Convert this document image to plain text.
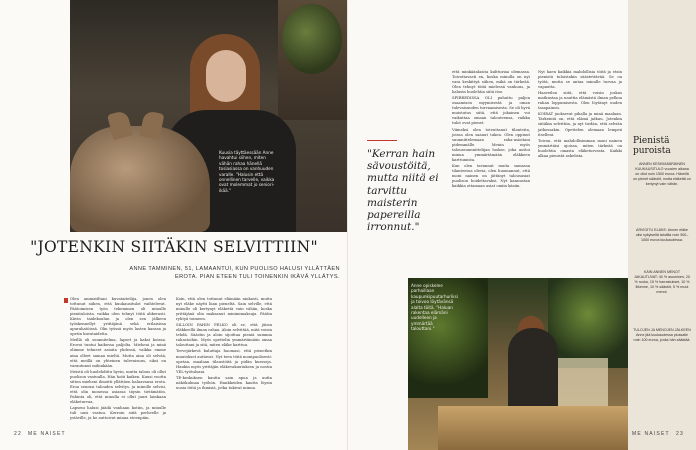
Kuusia täyttäessään Anne havahtui siihen, miten vähän rahaa hänellä tosiasiassa on vanhuuden varalle. "Halusin että onnellinen tarvelle, vaikka ovat molemmat jo seniori-ikää."
"JOTENKIN SIITÄKIN SELVITTIIN"
ANNE TAMMINEN, 51, LAMAANTUI, KUN PUOLISO HALUSI YLLÄTTÄEN
EROTA. PIAN ETEEN TULI TOINENKIN IKÄVÄ YLLÄTYS.

Olen ammatiltani kuvataiteilija, jonen olen tottunut siihen, että kuukausitulot vaihtelevat. Päätoimisen työn tekeminen oli minulle pienituloista, vaikka olen tehnyt töitä ahkerasti. Kävin taidekoulun ja olen sen jälkeen työskennellyt yrittäjänä sekä erilaisissa apurahatöissä. Olin työssä myös lasten kanssa ja opetin kuvataidetta.

Meillä oli suunnitelma, lapset ja kaksi koiraa. Erovoi tuntui kaikessa paljolta. Mieheni ja minä olimme tehneet asioita yhdessä, vaikka emme aina olleet samaa mieltä. Mutta aina oli selvää, että meillä on yhteinen tulevaisuus, siksi en varautunut mihinkään.

Meistä oli huolehdittu hyvin, mutta talous oli ollut puolison vastuulla. Hän hoiti kaiken. Kuusi vuotta sitten mieheni ilmoitti yllättäen haluavansa erota. Eroa seurasi talouden selvitys, ja minulle selvisi, että olin monessa asiassa täysin tietämätön. Pahinta oli, että minulla ei ollut juuri lainkaan eläketurvaa.

Lapseni halusi jäädä vanhaan kotiin, ja minulle tuli uusi vastuu. Kerroin siitä perheelle ja ystäville, ja he auttoivat minua eteenpäin.

Koin, että olen tottunut elämään niukasti, mutta nyt eläke näytti liian pieneltä. Sain selville, että minulle oli kertynyt eläkettä vain vähän, koska yrittäjänä olin maksanut minimimaksuja. Päätin ryhtyä toimeen.

SILLOIN PAHIN PELKO oli se, että jäisin eläkkeellä ilman rahaa. Aloin selvittää, mitä voisin tehdä. Säästin ja aloin sijoittaa pieniä summia rahastoihin. Myös opettelin ymmärtämään omaa talouttani ja sitä, miten eläke karttuu.

Tervejärkevä kuluttaja huomasi, että pienetkin muutokset auttavat. Nyt teen töitä monipuolisesti: opetan, maalaan tilaustöitä ja pidän kursseja. Hankin myös yrittäjän eläkevakuutuksen ja nostin YEL-työtuloani.

TE-keskuksen kautta sain apua ja uutta näkökulmaa työhön. Hankkeiden kautta löysin uusia töitä ja ihmisiä, jotka tukivat minua.

22 ME NAISET

että minkäänlaista kultturiaa olemassa. Toivottavasti en, koska minulla on nyt vara keskittyä siihen, mikä on tärkeää. Olen tehnyt töitä mielessä vanhuus, ja halusin huolehtia siitä itse.

SPIRREDISSA OLI puhuttu paljon osaamisen myymisestä ja oman tulevaisuuden turvaamisesta. Se oli hyvä muistutus siitä, että jokainen voi vaikuttaa omaan talouteensa, vaikka tulot ovat pienet.

Viimeksi olen toteuttanut tilanteita, joissa olen saanut tukea. Olen oppinut suunnittelemaan raha-asioitani pidemmälle. Menin myös taloussuunnittelijan luokse, joka auttoi minua ymmärtämään eläkkeen karttumista.

Kun olen tavannut muita samassa tilanteessa olevia, olen huomannut, että moni nainen on jättänyt talousasiat puolison hoidettavaksi. Nyt kannustan kaikkia ottamaan asiat omiin käsiin.

Nyt haen kaikkia mahdollisia töitä ja etsin pienistä tuloistakin säästettävää. Se on työtä, mutta se antaa minulle turvaa ja vapautta.

Haaveilen siitä, että voisin joskus matkustaa ja nauttia elämästä ilman pelkoa rahan loppumisesta. Olen löytänyt uuden tasapainon.

KOIRAT juoksevat pihalla ja minä maalaan. Tärkeintä on, että elämä jatkuu. Jotenkin siitäkin selvittiin, ja nyt tiedän, että selviän jatkossakin. Opettelen olemaan lempeä itselleni.

Toivon, että mahdollisimman moni nainen ymmärtäisi ajoissa, miten tärkeää on huolehtia omasta eläketurvasta. Kaikki alkaa pienistä askelista.

"Kerran hain sävoustöitä, mutta niitä ei tarvittu maisterin papereilla irronnut."
Anne opiskelee parhaillaan kaupunkipuutarhuriksi ja toivoo löytävänsä alalta töitä. "Haluan rakentaa elämäni uudelleen ja ymmärtää talouttani."
Pienistä puroista
ANNEN KESKIMÄÄRÄINEN KUUKAUSITULO vuosien aikana on ollut noin 1500 euroa. Hänellä on pienet säästöt, mutta eläkettä on kertynyt vain vähän.
ARVIOITU ELÄKE: Annen eläke olisi nykyisellä tahdilla noin 900–1000 euroa kuukaudessa.
KÄIN ANNEN MENOT JAKAUTUVAT: 40 % asuminen, 20 % ruoka, 15 % harrastukset, 10 % liikenne, 10 % säästöt, 5 % muut menot.
TULOJEN JA MENOJEN JÄLKEEN Anne jää kuukaudessa plussalle noin 100 euroa, jonka hän säästää.
ME NAISET 23
